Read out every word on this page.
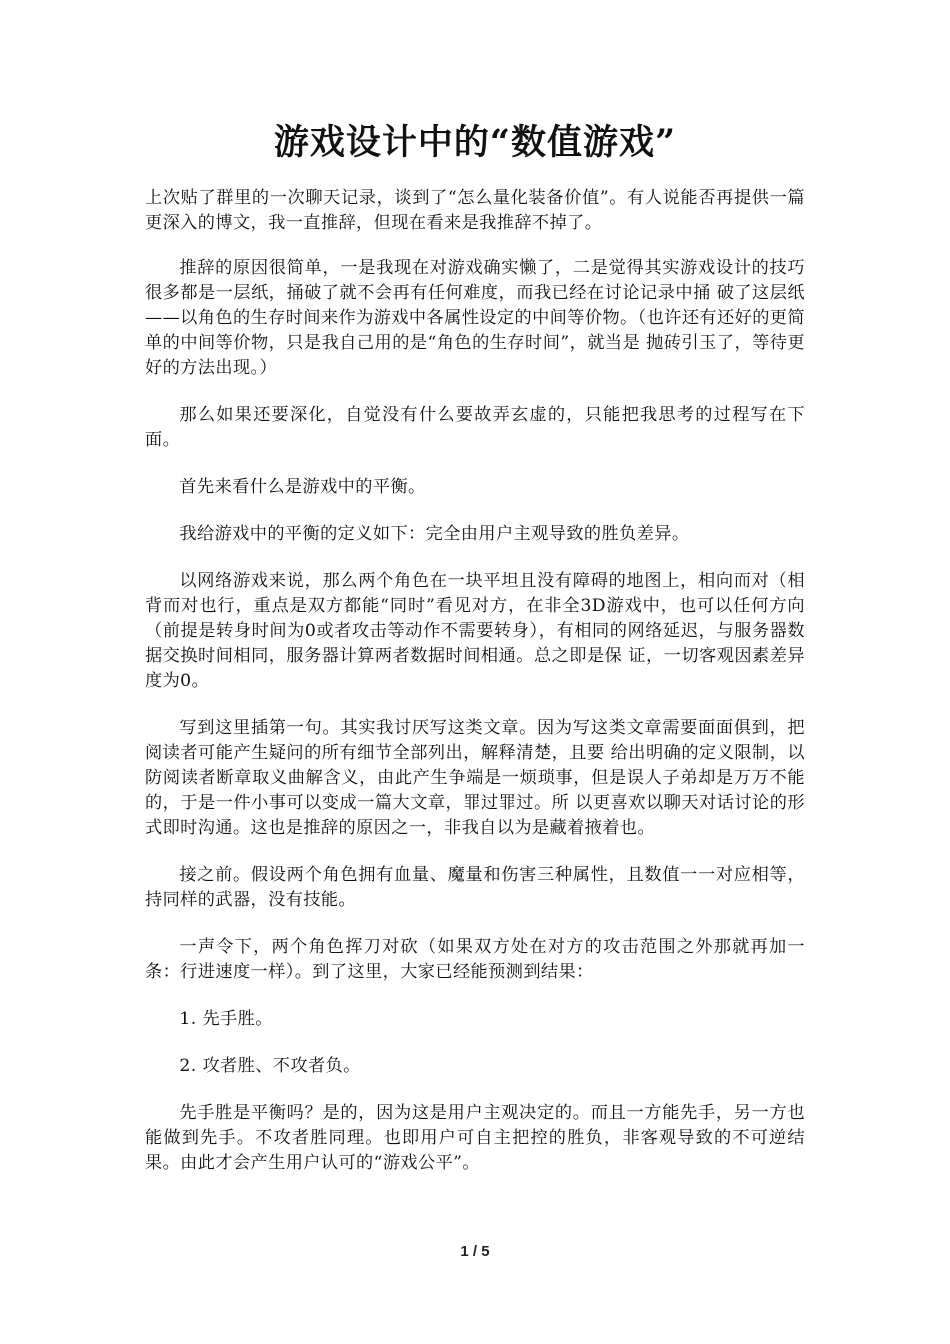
游戏设计中的“数值游戏”

上次贴了群里的一次聊天记录，谈到了“怎么量化装备价值”。有人说能否再提供一篇更深入的博文，我一直推辞，但现在看来是我推辞不掉了。

推辞的原因很简单，一是我现在对游戏确实懒了，二是觉得其实游戏设计的技巧很多都是一层纸，捅破了就不会再有任何难度，而我已经在讨论记录中捅 破了这层纸——以角色的生存时间来作为游戏中各属性设定的中间等价物。（也许还有还好的更简单的中间等价物，只是我自己用的是“角色的生存时间”，就当是 抛砖引玉了，等待更好的方法出现。）

那么如果还要深化，自觉没有什么要故弄玄虚的，只能把我思考的过程写在下面。

首先来看什么是游戏中的平衡。

我给游戏中的平衡的定义如下：完全由用户主观导致的胜负差异。

以网络游戏来说，那么两个角色在一块平坦且没有障碍的地图上，相向而对（相背而对也行，重点是双方都能“同时”看见对方，在非全3D游戏中，也可以任何方向（前提是转身时间为0或者攻击等动作不需要转身），有相同的网络延迟，与服务器数据交换时间相同，服务器计算两者数据时间相通。总之即是保 证，一切客观因素差异度为0。

写到这里插第一句。其实我讨厌写这类文章。因为写这类文章需要面面俱到，把阅读者可能产生疑问的所有细节全部列出，解释清楚，且要 给出明确的定义限制，以防阅读者断章取义曲解含义，由此产生争端是一烦琐事，但是误人子弟却是万万不能的，于是一件小事可以变成一篇大文章，罪过罪过。所 以更喜欢以聊天对话讨论的形式即时沟通。这也是推辞的原因之一，非我自以为是藏着掖着也。

接之前。假设两个角色拥有血量、魔量和伤害三种属性，且数值一一对应相等，持同样的武器，没有技能。

一声令下，两个角色挥刀对砍（如果双方处在对方的攻击范围之外那就再加一条：行进速度一样）。到了这里，大家已经能预测到结果：

1. 先手胜。

2. 攻者胜、不攻者负。

先手胜是平衡吗？是的，因为这是用户主观决定的。而且一方能先手，另一方也能做到先手。不攻者胜同理。也即用户可自主把控的胜负，非客观导致的不可逆结果。由此才会产生用户认可的“游戏公平”。

1 / 5
